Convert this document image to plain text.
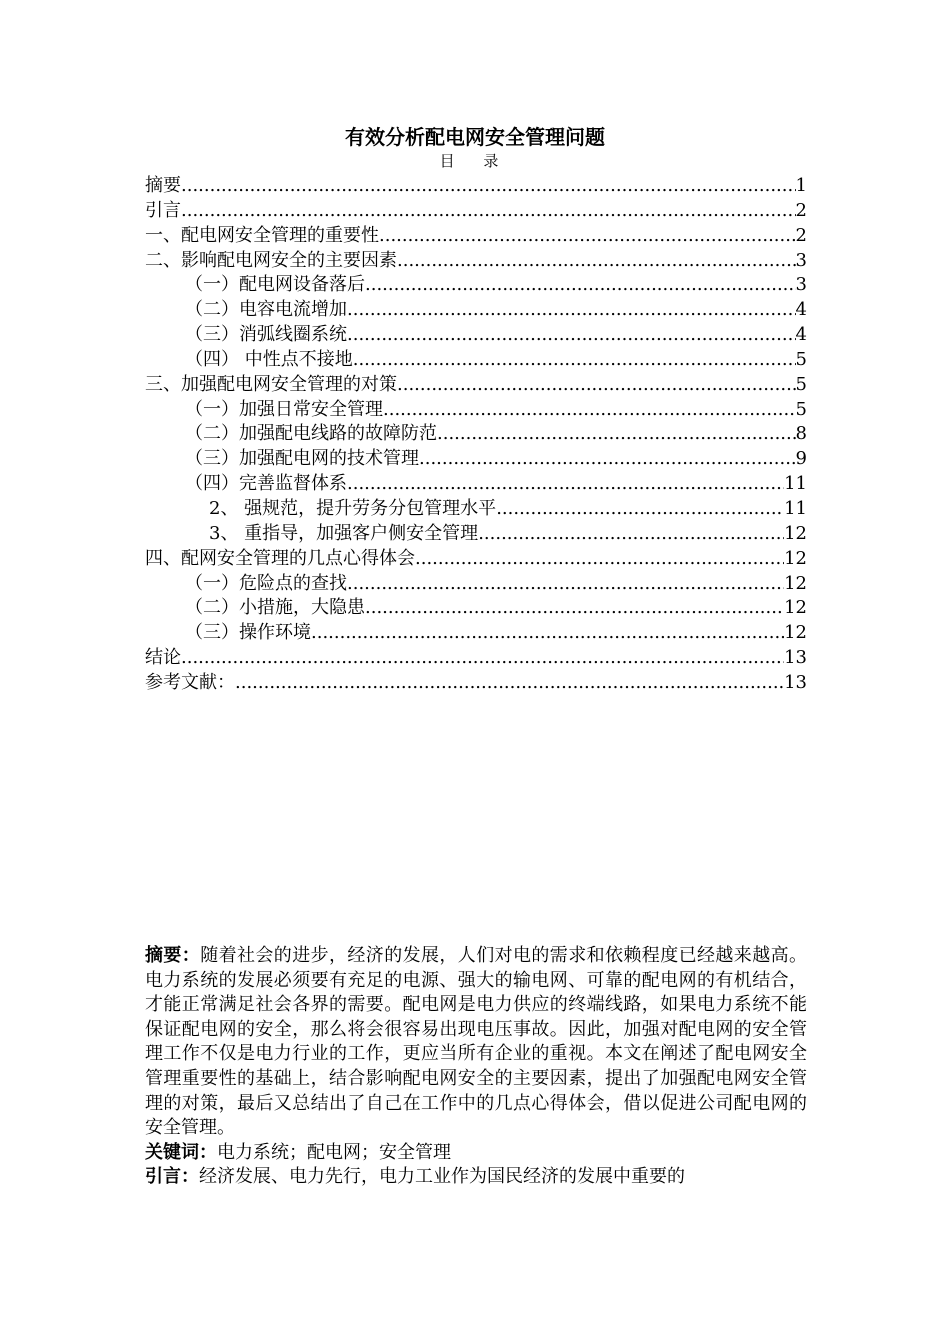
有效分析配电网安全管理问题
目 录
摘要 .....	1
引言 .....	2
一、配电网安全管理的重要性 .....	2
二、影响配电网安全的主要因素 .....	3
（一）配电网设备落后 .....	3
（二）电容电流增加 .....	4
（三）消弧线圈系统 .....	4
（四） 中性点不接地 .....	5
三、加强配电网安全管理的对策 .....	5
（一）加强日常安全管理 .....	5
（二）加强配电线路的故障防范 .....	8
（三）加强配电网的技术管理 .....	9
（四）完善监督体系 .....	11
2、 强规范，提升劳务分包管理水平 .....	11
3、 重指导，加强客户侧安全管理 .....	12
四、配网安全管理的几点心得体会 .....	12
（一）危险点的查找 .....	12
（二）小措施，大隐患 .....	12
（三）操作环境 .....	12
结论 .....	13
参考文献： .....	13

摘要：随着社会的进步，经济的发展，人们对电的需求和依赖程度已经越来越高。电力系统的发展必须要有充足的电源、强大的输电网、可靠的配电网的有机结合，才能正常满足社会各界的需要。配电网是电力供应的终端线路，如果电力系统不能保证配电网的安全，那么将会很容易出现电压事故。因此，加强对配电网的安全管理工作不仅是电力行业的工作，更应当所有企业的重视。本文在阐述了配电网安全管理重要性的基础上，结合影响配电网安全的主要因素，提出了加强配电网安全管理的对策，最后又总结出了自己在工作中的几点心得体会，借以促进公司配电网的安全管理。

关键词：电力系统；配电网；安全管理

引言：经济发展、电力先行，电力工业作为国民经济的发展中重要的
